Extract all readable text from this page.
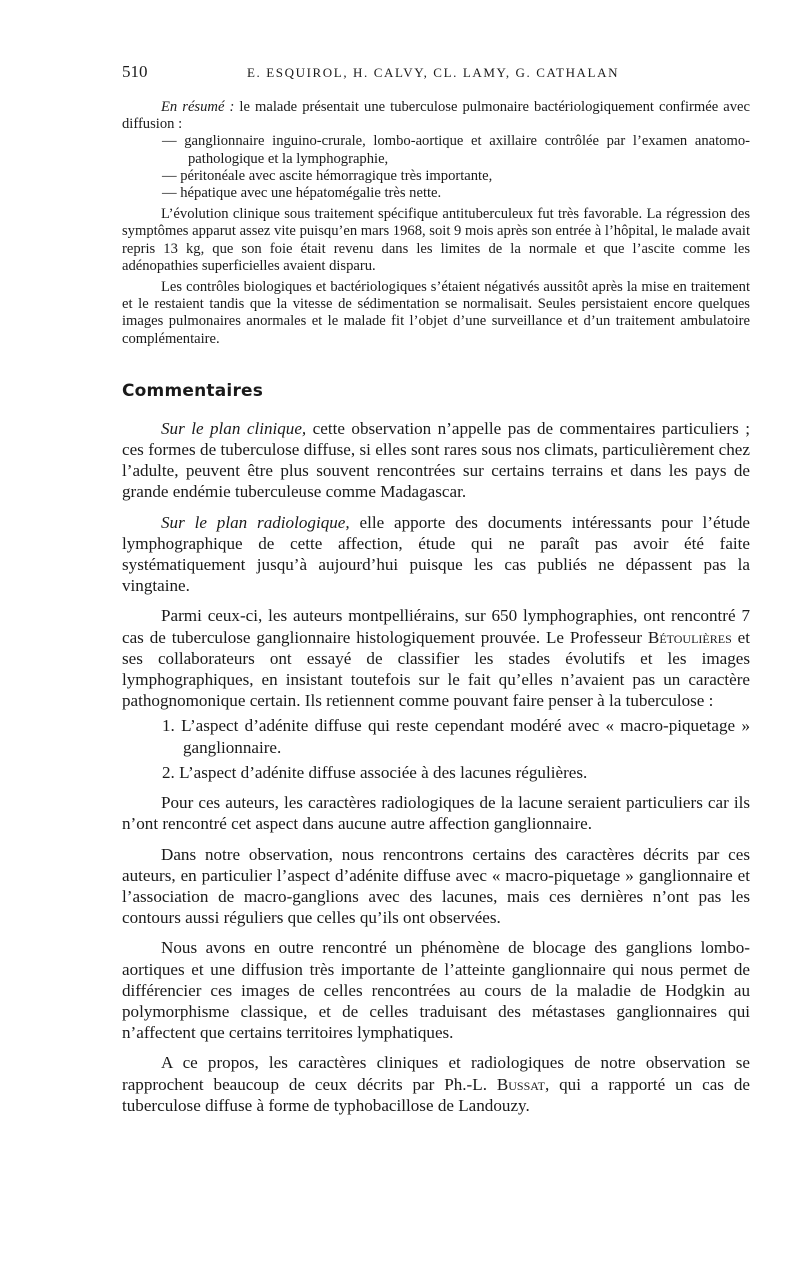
510	E. ESQUIROL, H. CALVY, CL. LAMY, G. CATHALAN

En résumé : le malade présentait une tuberculose pulmonaire bactériologiquement confirmée avec diffusion :

— ganglionnaire inguino-crurale, lombo-aortique et axillaire contrôlée par l’examen anatomo-pathologique et la lymphographie,

— péritonéale avec ascite hémorragique très importante,

— hépatique avec une hépatomégalie très nette.

L’évolution clinique sous traitement spécifique antituberculeux fut très favorable. La régression des symptômes apparut assez vite puisqu’en mars 1968, soit 9 mois après son entrée à l’hôpital, le malade avait repris 13 kg, que son foie était revenu dans les limites de la normale et que l’ascite comme les adénopathies superficielles avaient disparu.

Les contrôles biologiques et bactériologiques s’étaient négativés aussitôt après la mise en traitement et le restaient tandis que la vitesse de sédimentation se normalisait. Seules persistaient encore quelques images pulmonaires anormales et le malade fit l’objet d’une surveillance et d’un traitement ambulatoire complémentaire.

Commentaires

Sur le plan clinique, cette observation n’appelle pas de commentaires particuliers ; ces formes de tuberculose diffuse, si elles sont rares sous nos climats, particulièrement chez l’adulte, peuvent être plus souvent rencontrées sur certains terrains et dans les pays de grande endémie tuberculeuse comme Madagascar.

Sur le plan radiologique, elle apporte des documents intéressants pour l’étude lymphographique de cette affection, étude qui ne paraît pas avoir été faite systématiquement jusqu’à aujourd’hui puisque les cas publiés ne dépassent pas la vingtaine.

Parmi ceux-ci, les auteurs montpelliérains, sur 650 lymphographies, ont rencontré 7 cas de tuberculose ganglionnaire histologiquement prouvée. Le Professeur Bétoulières et ses collaborateurs ont essayé de classifier les stades évolutifs et les images lymphographiques, en insistant toutefois sur le fait qu’elles n’avaient pas un caractère pathognomonique certain. Ils retiennent comme pouvant faire penser à la tuberculose :

1. L’aspect d’adénite diffuse qui reste cependant modéré avec « macro-piquetage » ganglionnaire.

2. L’aspect d’adénite diffuse associée à des lacunes régulières.

Pour ces auteurs, les caractères radiologiques de la lacune seraient particuliers car ils n’ont rencontré cet aspect dans aucune autre affection ganglionnaire.

Dans notre observation, nous rencontrons certains des caractères décrits par ces auteurs, en particulier l’aspect d’adénite diffuse avec « macro-piquetage » ganglionnaire et l’association de macro-ganglions avec des lacunes, mais ces dernières n’ont pas les contours aussi réguliers que celles qu’ils ont observées.

Nous avons en outre rencontré un phénomène de blocage des ganglions lombo-aortiques et une diffusion très importante de l’atteinte ganglionnaire qui nous permet de différencier ces images de celles rencontrées au cours de la maladie de Hodgkin au polymorphisme classique, et de celles traduisant des métastases ganglionnaires qui n’affectent que certains territoires lymphatiques.

A ce propos, les caractères cliniques et radiologiques de notre observation se rapprochent beaucoup de ceux décrits par Ph.-L. Bussat, qui a rapporté un cas de tuberculose diffuse à forme de typhobacillose de Landouzy.
